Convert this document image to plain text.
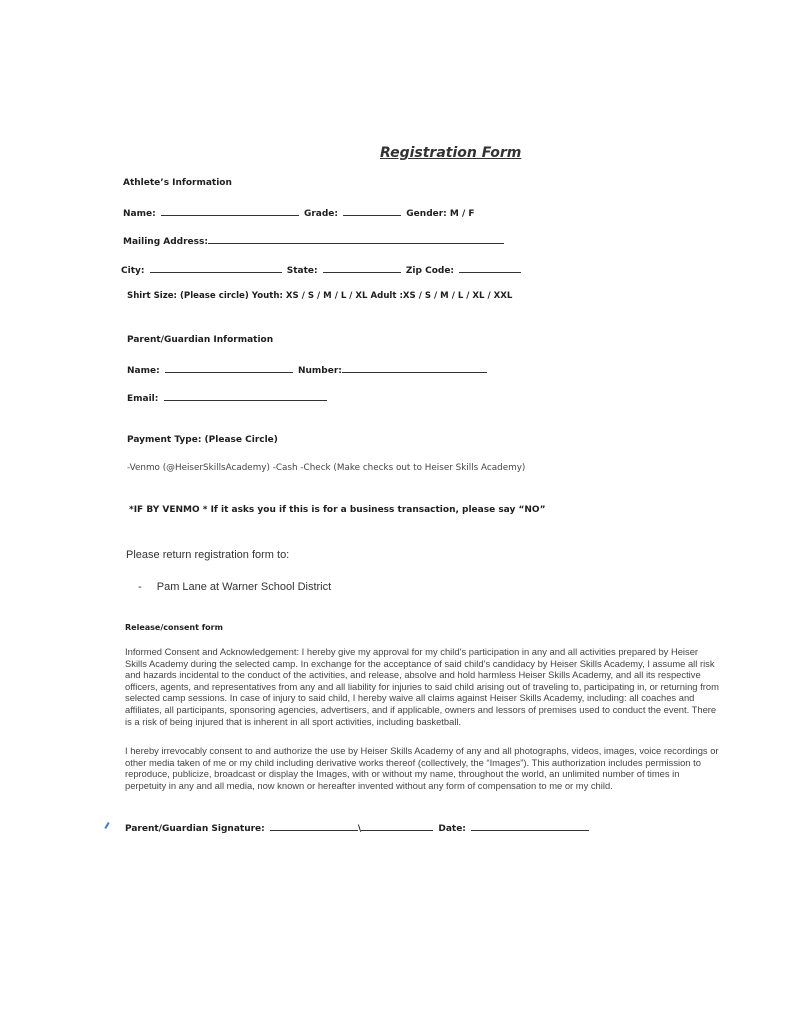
Registration Form
Athlete’s Information
Name:	Grade:	Gender: M / F
Mailing Address:
City:	State:	Zip Code:
Shirt Size: (Please circle) Youth: XS / S / M / L / XL Adult :XS / S / M / L / XL / XXL
Parent/Guardian Information
Name:	Number:
Email:
Payment Type: (Please Circle)
-Venmo (@HeiserSkillsAcademy) -Cash -Check (Make checks out to Heiser Skills Academy)
*IF BY VENMO * If it asks you if this is for a business transaction, please say “NO”
Please return registration form to:
- Pam Lane at Warner School District
Release/consent form
Informed Consent and Acknowledgement: I hereby give my approval for my child’s participation in any and all activities prepared by Heiser Skills Academy during the selected camp. In exchange for the acceptance of said child’s candidacy by Heiser Skills Academy, I assume all risk and hazards incidental to the conduct of the activities, and release, absolve and hold harmless Heiser Skills Academy, and all its respective officers, agents, and representatives from any and all liability for injuries to said child arising out of traveling to, participating in, or returning from selected camp sessions. In case of injury to said child, I hereby waive all claims against Heiser Skills Academy, including: all coaches and affiliates, all participants, sponsoring agencies, advertisers, and if applicable, owners and lessors of premises used to conduct the event. There is a risk of being injured that is inherent in all sport activities, including basketball.
I hereby irrevocably consent to and authorize the use by Heiser Skills Academy of any and all photographs, videos, images, voice recordings or other media taken of me or my child including derivative works thereof (collectively, the “Images”). This authorization includes permission to reproduce, publicize, broadcast or display the Images, with or without my name, throughout the world, an unlimited number of times in perpetuity in any and all media, now known or hereafter invented without any form of compensation to me or my child.
Parent/Guardian Signature:	\	Date:
